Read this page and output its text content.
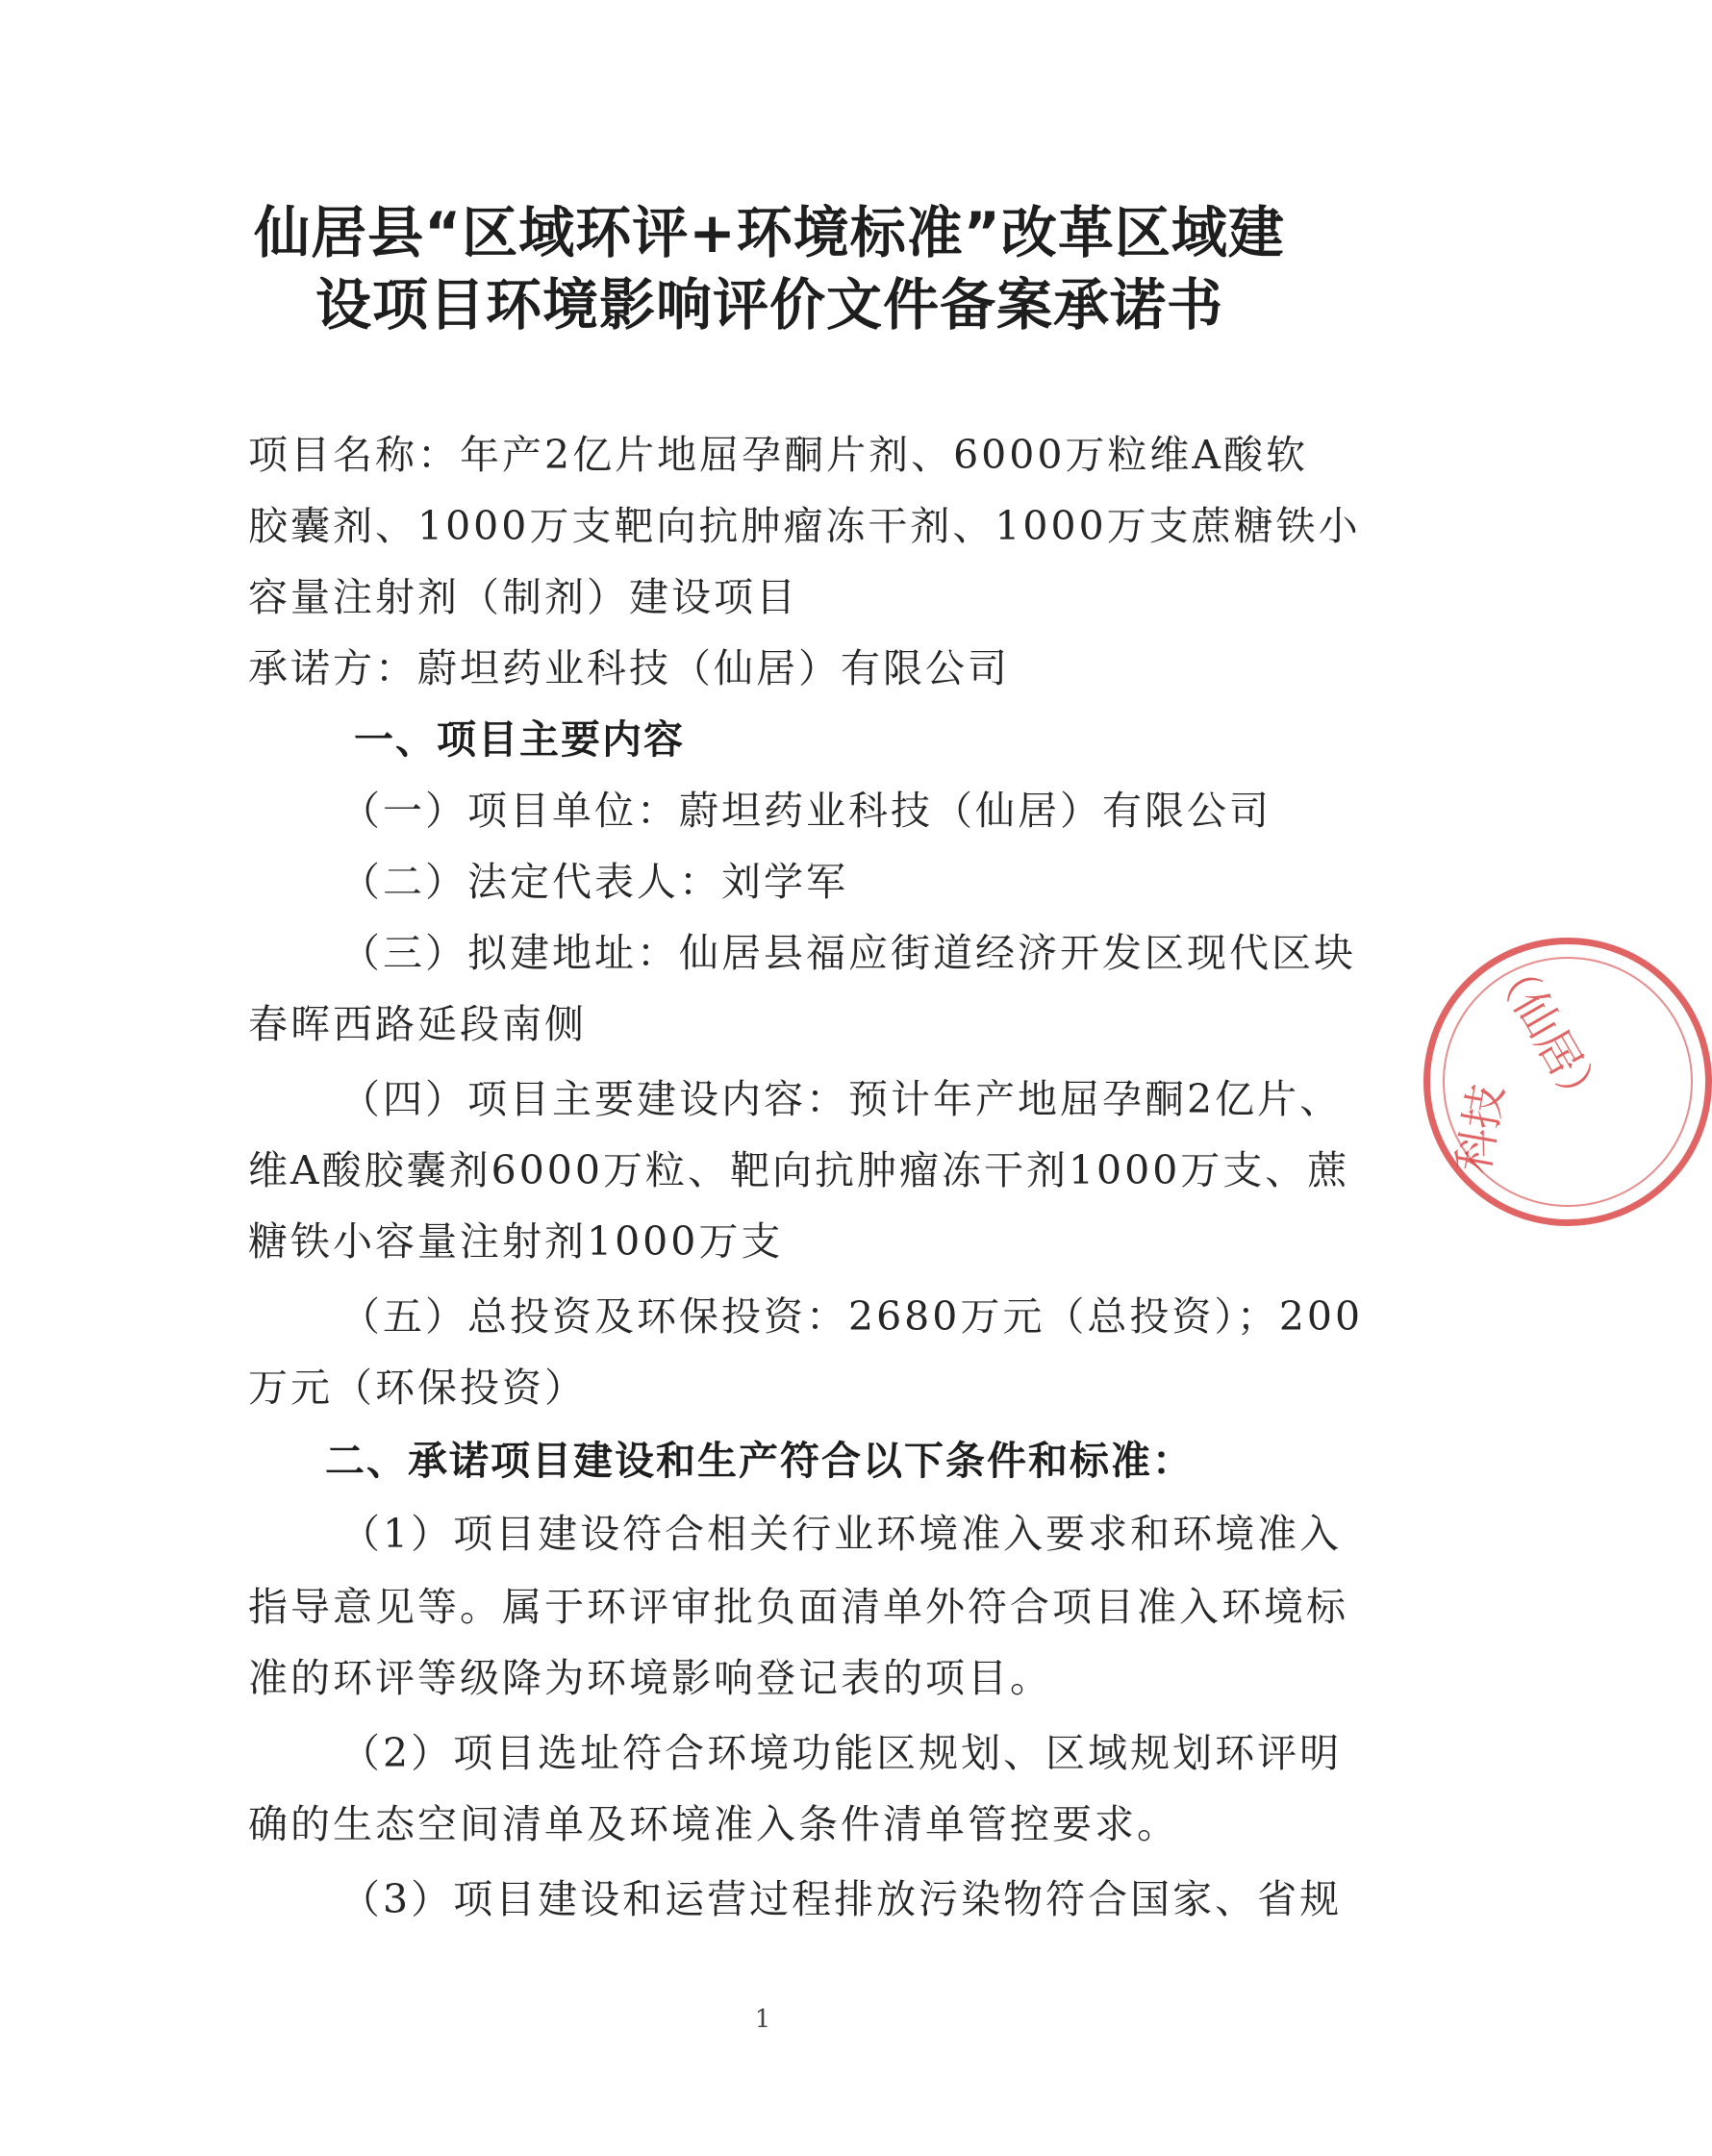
仙居县“区域环评+环境标准”改革区域建
设项目环境影响评价文件备案承诺书
项目名称：年产2亿片地屈孕酮片剂、6000万粒维A酸软
胶囊剂、1000万支靶向抗肿瘤冻干剂、1000万支蔗糖铁小
容量注射剂（制剂）建设项目
承诺方：蔚坦药业科技（仙居）有限公司
一、项目主要内容
（一）项目单位：蔚坦药业科技（仙居）有限公司
（二）法定代表人：刘学军
（三）拟建地址：仙居县福应街道经济开发区现代区块
春晖西路延段南侧
（四）项目主要建设内容：预计年产地屈孕酮2亿片、
维A酸胶囊剂6000万粒、靶向抗肿瘤冻干剂1000万支、蔗
糖铁小容量注射剂1000万支
（五）总投资及环保投资：2680万元（总投资）；200
万元（环保投资）
二、承诺项目建设和生产符合以下条件和标准：
（1）项目建设符合相关行业环境准入要求和环境准入
指导意见等。属于环评审批负面清单外符合项目准入环境标
准的环评等级降为环境影响登记表的项目。
（2）项目选址符合环境功能区规划、区域规划环评明
确的生态空间清单及环境准入条件清单管控要求。
（3）项目建设和运营过程排放污染物符合国家、省规
（仙居）
科技
1
